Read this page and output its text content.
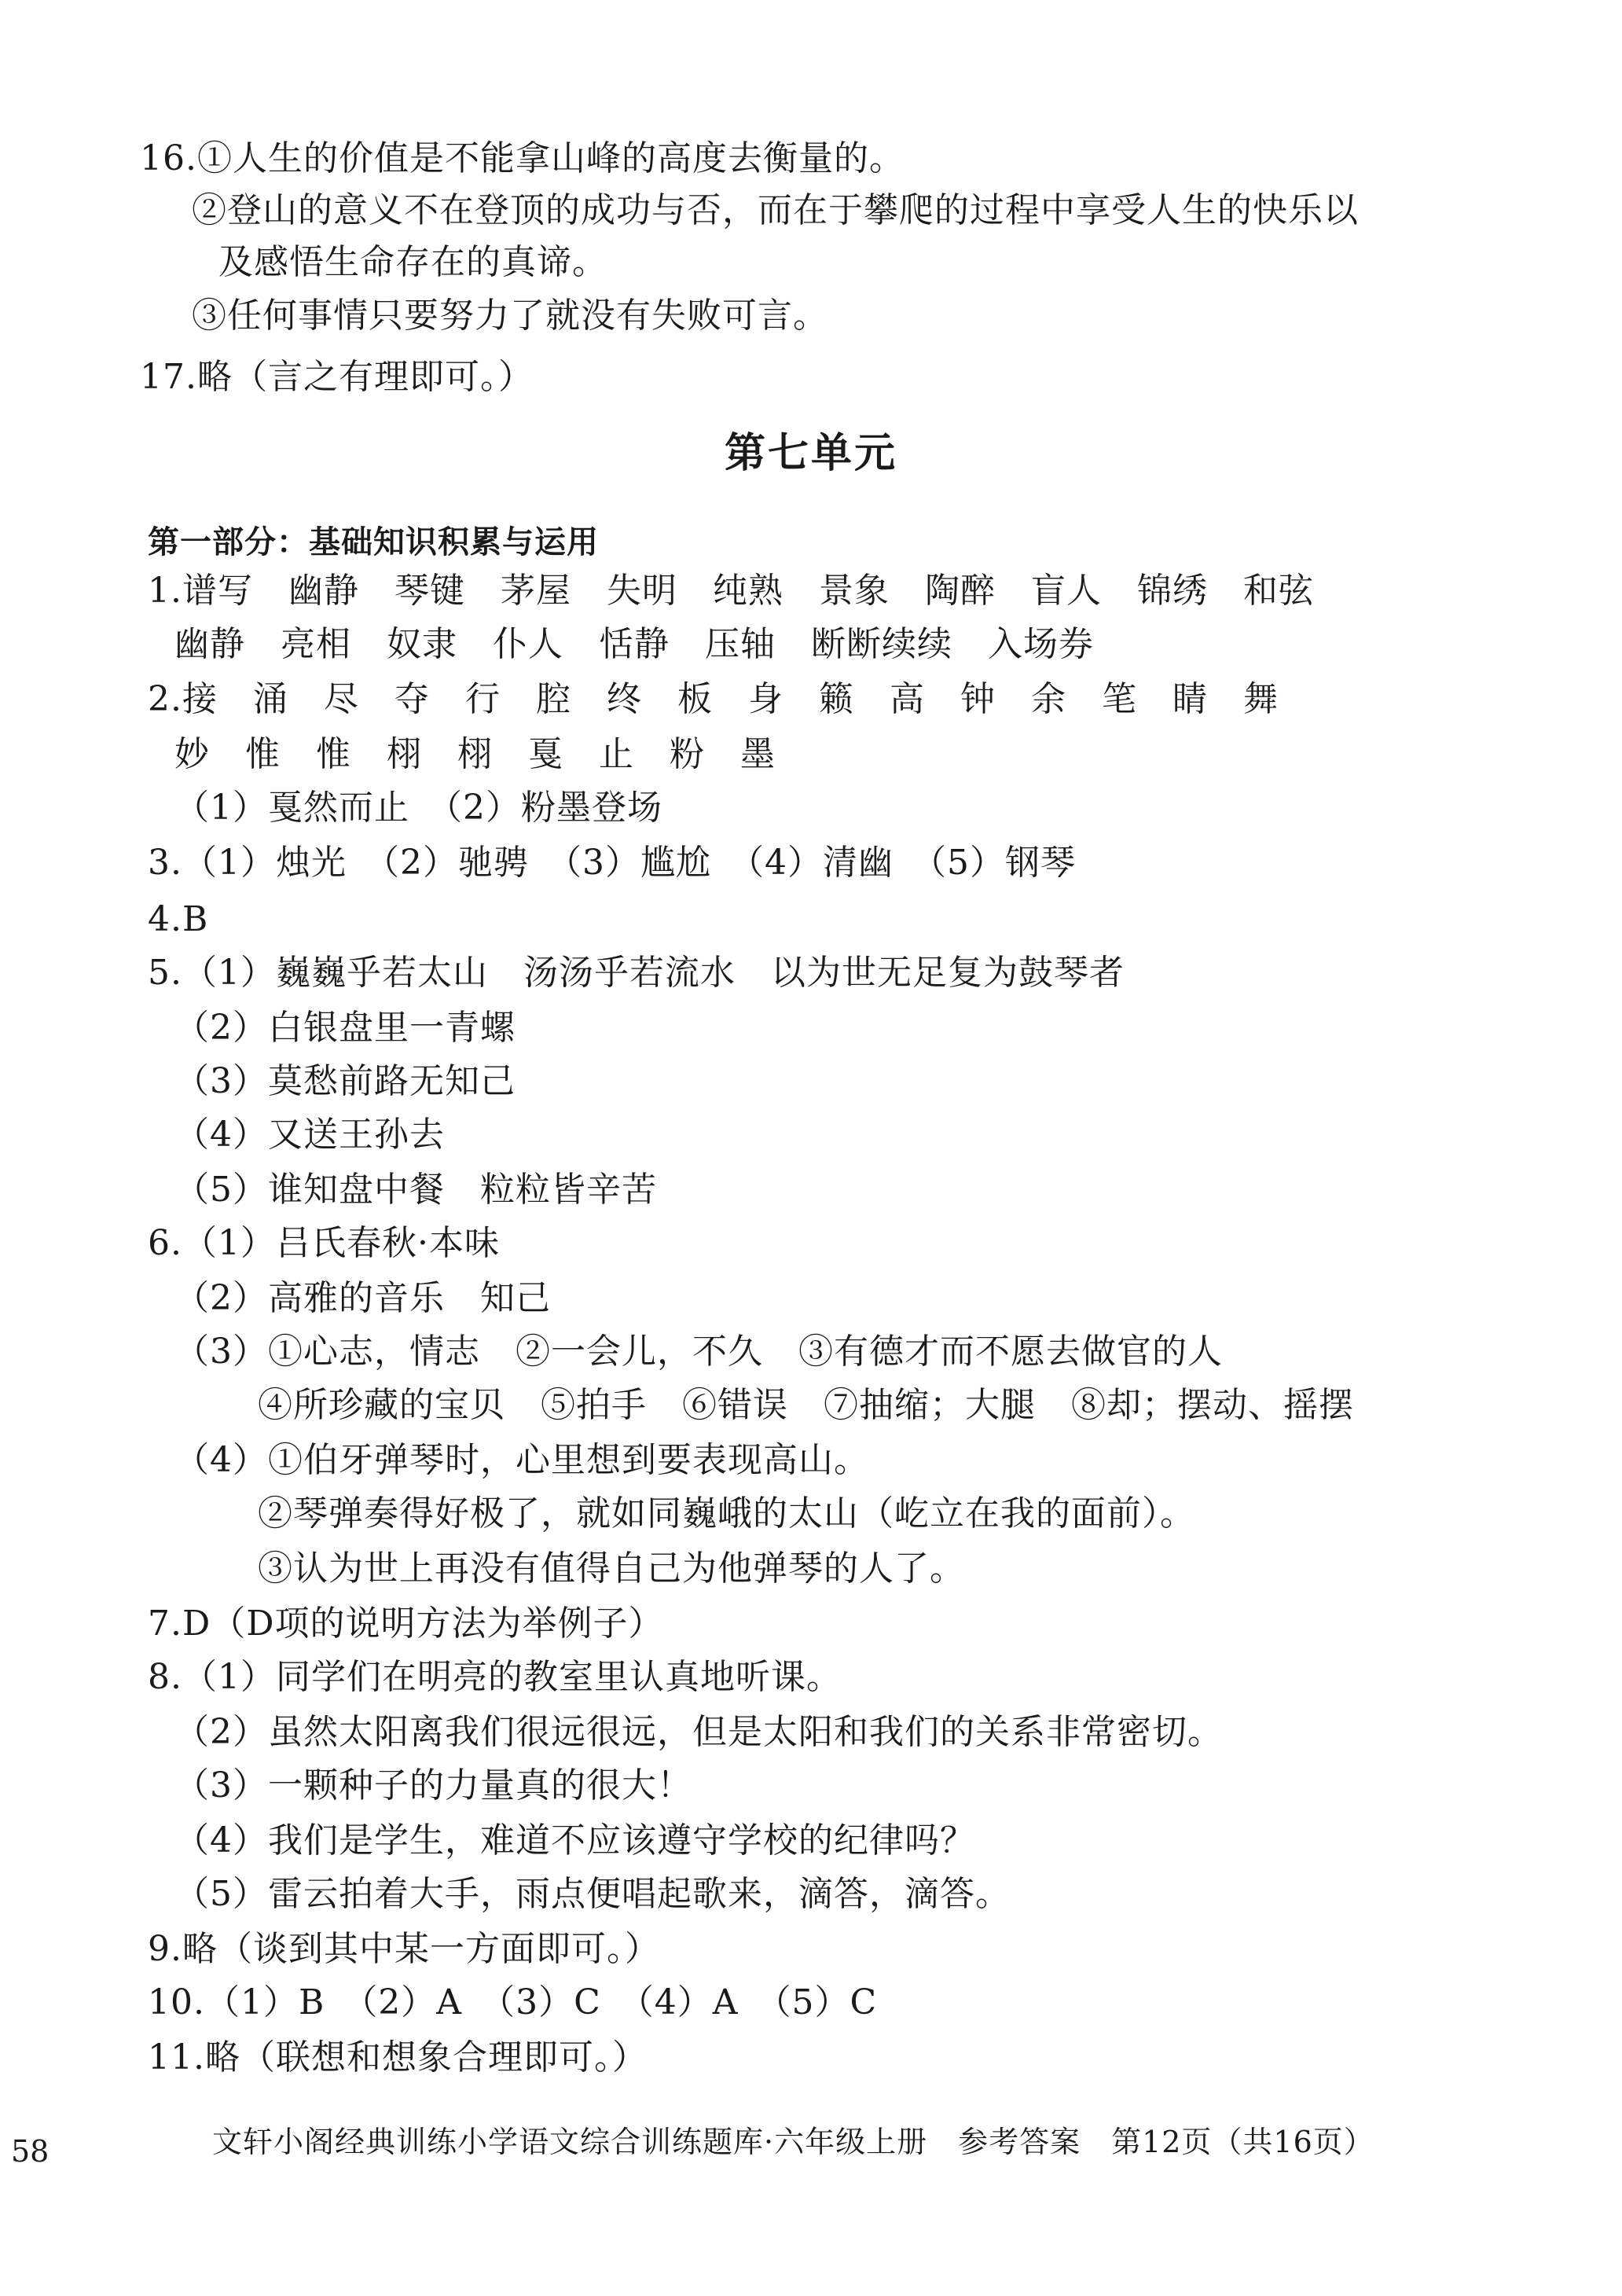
16.①人生的价值是不能拿山峰的高度去衡量的。
②登山的意义不在登顶的成功与否，而在于攀爬的过程中享受人生的快乐以
及感悟生命存在的真谛。
③任何事情只要努力了就没有失败可言。
17.略（言之有理即可。）
第七单元
第一部分：基础知识积累与运用
1.谱写　幽静　琴键　茅屋　失明　纯熟　景象　陶醉　盲人　锦绣　和弦
幽静　亮相　奴隶　仆人　恬静　压轴　断断续续　入场券
2.接　涌　尽　夺　行　腔　终　板　身　籁　高　钟　余　笔　睛　舞
妙　惟　惟　栩　栩　戛　止　粉　墨
（1）戛然而止　（2）粉墨登场
3.（1）烛光　（2）驰骋　（3）尴尬　（4）清幽　（5）钢琴
4.B
5.（1）巍巍乎若太山　汤汤乎若流水　以为世无足复为鼓琴者
（2）白银盘里一青螺
（3）莫愁前路无知己
（4）又送王孙去
（5）谁知盘中餐　粒粒皆辛苦
6.（1）吕氏春秋·本味
（2）高雅的音乐　知己
（3）①心志，情志　②一会儿，不久　③有德才而不愿去做官的人
④所珍藏的宝贝　⑤拍手　⑥错误　⑦抽缩；大腿　⑧却；摆动、摇摆
（4）①伯牙弹琴时，心里想到要表现高山。
②琴弹奏得好极了，就如同巍峨的太山（屹立在我的面前）。
③认为世上再没有值得自己为他弹琴的人了。
7.D（D项的说明方法为举例子）
8.（1）同学们在明亮的教室里认真地听课。
（2）虽然太阳离我们很远很远，但是太阳和我们的关系非常密切。
（3）一颗种子的力量真的很大！
（4）我们是学生，难道不应该遵守学校的纪律吗？
（5）雷云拍着大手，雨点便唱起歌来，滴答，滴答。
9.略（谈到其中某一方面即可。）
10.（1）B　（2）A　（3）C　（4）A　（5）C
11.略（联想和想象合理即可。）
58	文轩小阁经典训练小学语文综合训练题库·六年级上册　参考答案　第12页（共16页）
